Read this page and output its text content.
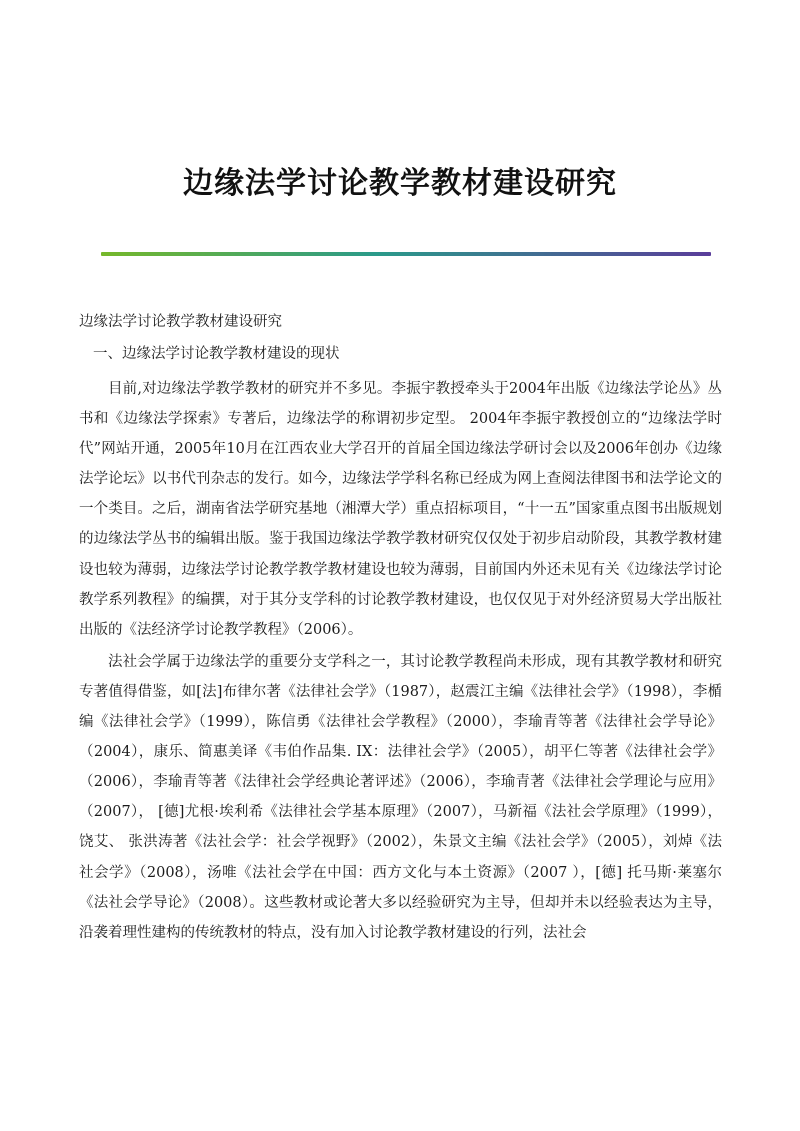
边缘法学讨论教学教材建设研究
边缘法学讨论教学教材建设研究
一、边缘法学讨论教学教材建设的现状

目前,对边缘法学教学教材的研究并不多见。李振宇教授牵头于2004年出版《边缘法学论丛》丛书和《边缘法学探索》专著后，边缘法学的称谓初步定型。 2004年李振宇教授创立的“边缘法学时代”网站开通，2005年10月在江西农业大学召开的首届全国边缘法学研讨会以及2006年创办《边缘法学论坛》以书代刊杂志的发行。如今，边缘法学学科名称已经成为网上查阅法律图书和法学论文的一个类目。之后，湖南省法学研究基地（湘潭大学）重点招标项目，“十一五”国家重点图书出版规划的边缘法学丛书的编辑出版。鉴于我国边缘法学教学教材研究仅仅处于初步启动阶段，其教学教材建设也较为薄弱，边缘法学讨论教学教学教材建设也较为薄弱，目前国内外还未见有关《边缘法学讨论教学系列教程》的编撰，对于其分支学科的讨论教学教材建设，也仅仅见于对外经济贸易大学出版社出版的《法经济学讨论教学教程》（2006）。

法社会学属于边缘法学的重要分支学科之一，其讨论教学教程尚未形成，现有其教学教材和研究专著值得借鉴，如[法]布律尔著《法律社会学》（1987），赵震江主编《法律社会学》（1998），李楯编《法律社会学》（1999），陈信勇《法律社会学教程》（2000），李瑜青等著《法律社会学导论》（2004），康乐、简惠美译《韦伯作品集. IX：法律社会学》（2005），胡平仁等著《法律社会学》（2006），李瑜青等著《法律社会学经典论著评述》（2006），李瑜青著《法律社会学理论与应用》（2007）， [德]尤根·埃利希《法律社会学基本原理》（2007），马新福《法社会学原理》（1999），饶艾、 张洪涛著《法社会学：社会学视野》（2002），朱景文主编《法社会学》（2005），刘焯《法社会学》（2008），汤唯《法社会学在中国：西方文化与本土资源》（2007 ），[德] 托马斯·莱塞尔《法社会学导论》（2008）。这些教材或论著大多以经验研究为主导，但却并未以经验表达为主导，沿袭着理性建构的传统教材的特点，没有加入讨论教学教材建设的行列，法社会
